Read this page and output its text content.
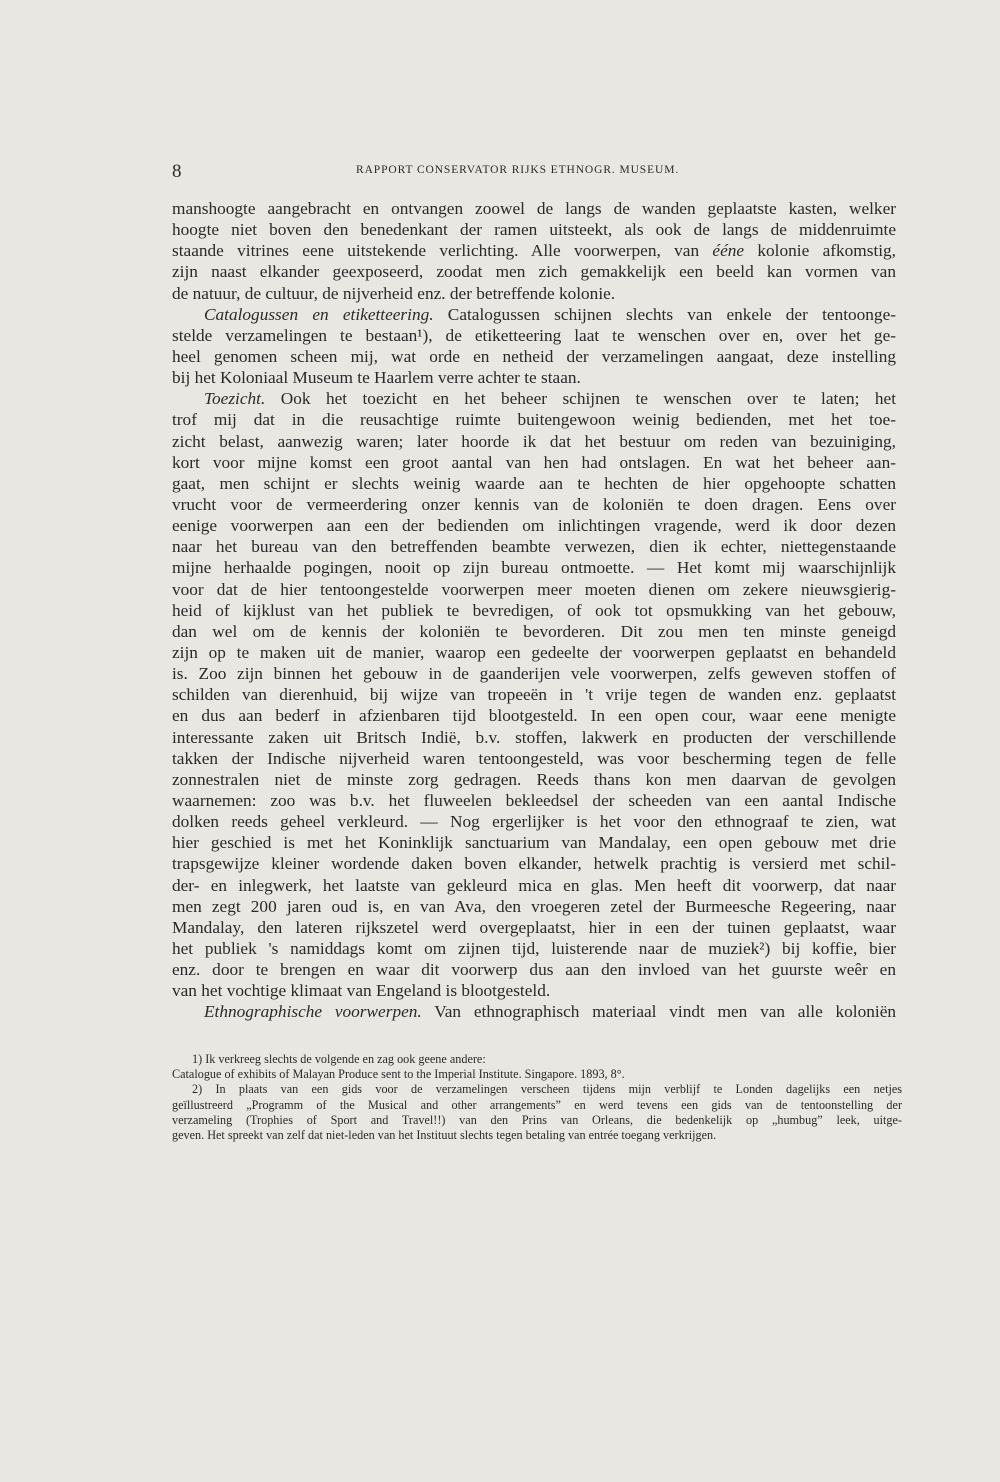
8	RAPPORT CONSERVATOR RIJKS ETHNOGR. MUSEUM.
manshoogte aangebracht en ontvangen zoowel de langs de wanden geplaatste kasten, welker
hoogte niet boven den benedenkant der ramen uitsteekt, als ook de langs de middenruimte
staande vitrines eene uitstekende verlichting. Alle voorwerpen, van ééne kolonie afkomstig,
zijn naast elkander geexposeerd, zoodat men zich gemakkelijk een beeld kan vormen van
de natuur, de cultuur, de nijverheid enz. der betreffende kolonie.
Catalogussen en etiketteering. Catalogussen schijnen slechts van enkele der tentoonge-
stelde verzamelingen te bestaan¹), de etiketteering laat te wenschen over en, over het ge-
heel genomen scheen mij, wat orde en netheid der verzamelingen aangaat, deze instelling
bij het Koloniaal Museum te Haarlem verre achter te staan.
Toezicht. Ook het toezicht en het beheer schijnen te wenschen over te laten; het
trof mij dat in die reusachtige ruimte buitengewoon weinig bedienden, met het toe-
zicht belast, aanwezig waren; later hoorde ik dat het bestuur om reden van bezuiniging,
kort voor mijne komst een groot aantal van hen had ontslagen. En wat het beheer aan-
gaat, men schijnt er slechts weinig waarde aan te hechten de hier opgehoopte schatten
vrucht voor de vermeerdering onzer kennis van de koloniën te doen dragen. Eens over
eenige voorwerpen aan een der bedienden om inlichtingen vragende, werd ik door dezen
naar het bureau van den betreffenden beambte verwezen, dien ik echter, niettegenstaande
mijne herhaalde pogingen, nooit op zijn bureau ontmoette. — Het komt mij waarschijnlijk
voor dat de hier tentoongestelde voorwerpen meer moeten dienen om zekere nieuwsgierig-
heid of kijklust van het publiek te bevredigen, of ook tot opsmukking van het gebouw,
dan wel om de kennis der koloniën te bevorderen. Dit zou men ten minste geneigd
zijn op te maken uit de manier, waarop een gedeelte der voorwerpen geplaatst en behandeld
is. Zoo zijn binnen het gebouw in de gaanderijen vele voorwerpen, zelfs geweven stoffen of
schilden van dierenhuid, bij wijze van tropeeën in 't vrije tegen de wanden enz. geplaatst
en dus aan bederf in afzienbaren tijd blootgesteld. In een open cour, waar eene menigte
interessante zaken uit Britsch Indië, b.v. stoffen, lakwerk en producten der verschillende
takken der Indische nijverheid waren tentoongesteld, was voor bescherming tegen de felle
zonnestralen niet de minste zorg gedragen. Reeds thans kon men daarvan de gevolgen
waarnemen: zoo was b.v. het fluweelen bekleedsel der scheeden van een aantal Indische
dolken reeds geheel verkleurd. — Nog ergerlijker is het voor den ethnograaf te zien, wat
hier geschied is met het Koninklijk sanctuarium van Mandalay, een open gebouw met drie
trapsgewijze kleiner wordende daken boven elkander, hetwelk prachtig is versierd met schil-
der- en inlegwerk, het laatste van gekleurd mica en glas. Men heeft dit voorwerp, dat naar
men zegt 200 jaren oud is, en van Ava, den vroegeren zetel der Burmeesche Regeering, naar
Mandalay, den lateren rijkszetel werd overgeplaatst, hier in een der tuinen geplaatst, waar
het publiek 's namiddags komt om zijnen tijd, luisterende naar de muziek²) bij koffie, bier
enz. door te brengen en waar dit voorwerp dus aan den invloed van het guurste weêr en
van het vochtige klimaat van Engeland is blootgesteld.
Ethnographische voorwerpen. Van ethnographisch materiaal vindt men van alle koloniën
1) Ik verkreeg slechts de volgende en zag ook geene andere:
Catalogue of exhibits of Malayan Produce sent to the Imperial Institute. Singapore. 1893, 8°.
2) In plaats van een gids voor de verzamelingen verscheen tijdens mijn verblijf te Londen dagelijks een netjes
geïllustreerd „Programm of the Musical and other arrangements” en werd tevens een gids van de tentoonstelling der
verzameling (Trophies of Sport and Travel!!) van den Prins van Orleans, die bedenkelijk op „humbug” leek, uitge-
geven. Het spreekt van zelf dat niet-leden van het Instituut slechts tegen betaling van entrée toegang verkrijgen.
